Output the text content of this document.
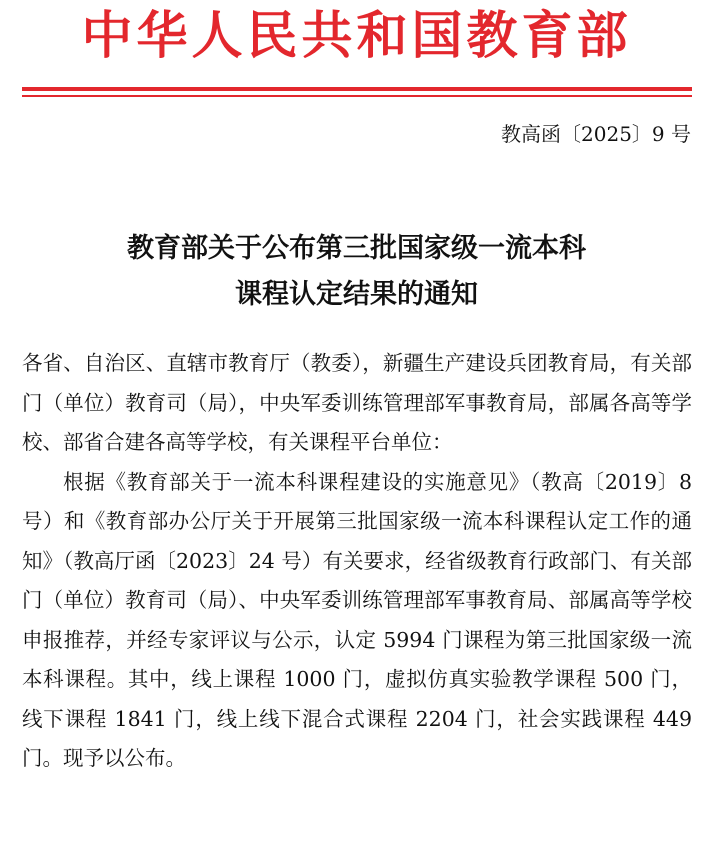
中华人民共和国教育部
教高函〔2025〕9 号
教育部关于公布第三批国家级一流本科
课程认定结果的通知

各省、自治区、直辖市教育厅（教委），新疆生产建设兵团教育局，有关部门（单位）教育司（局），中央军委训练管理部军事教育局，部属各高等学校、部省合建各高等学校，有关课程平台单位：

根据《教育部关于一流本科课程建设的实施意见》（教高〔2019〕8 号）和《教育部办公厅关于开展第三批国家级一流本科课程认定工作的通知》（教高厅函〔2023〕24 号）有关要求，经省级教育行政部门、有关部门（单位）教育司（局）、中央军委训练管理部军事教育局、部属高等学校申报推荐，并经专家评议与公示，认定 5994 门课程为第三批国家级一流本科课程。其中，线上课程 1000 门，虚拟仿真实验教学课程 500 门，线下课程 1841 门，线上线下混合式课程 2204 门，社会实践课程 449 门。现予以公布。
